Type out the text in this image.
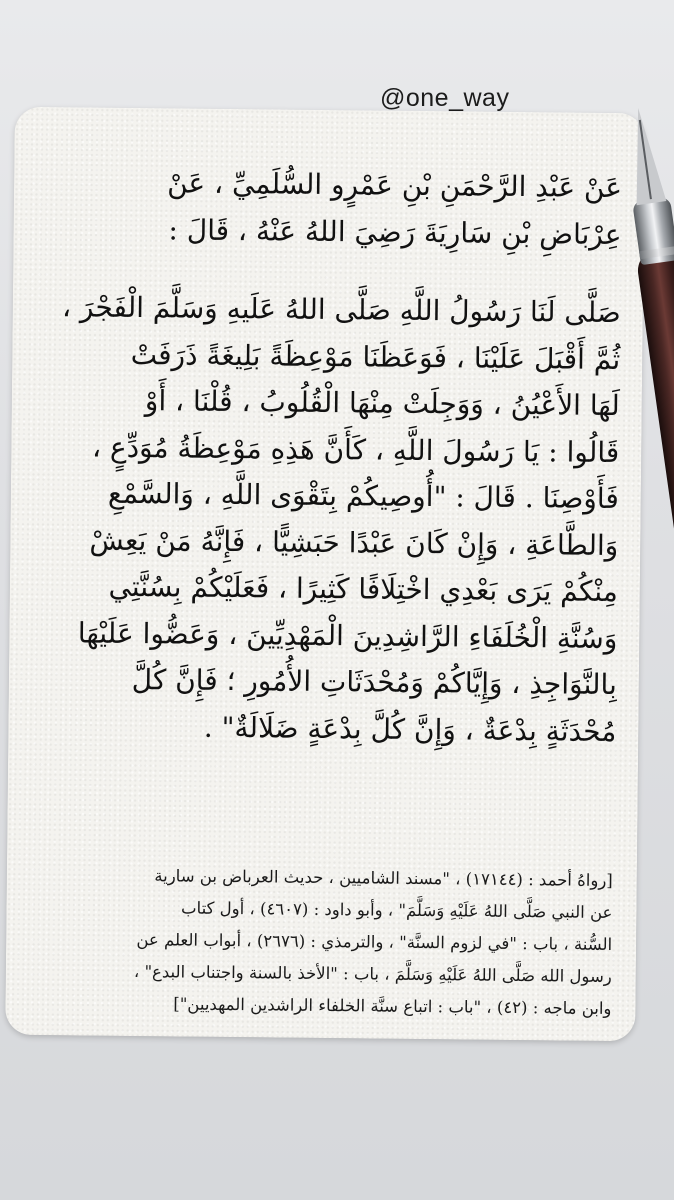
@one_way

عَنْ عَبْدِ الرَّحْمَنِ بْنِ عَمْرٍو السُّلَمِيِّ ، عَنْ

عِرْبَاضِ بْنِ سَارِيَةَ رَضِيَ اللهُ عَنْهُ ، قَالَ :

صَلَّى لَنَا رَسُولُ اللَّهِ صَلَّى اللهُ عَلَيهِ وَسَلَّمَ الْفَجْرَ ،

ثُمَّ أَقْبَلَ عَلَيْنَا ، فَوَعَظَنَا مَوْعِظَةً بَلِيغَةً ذَرَفَتْ

لَهَا الأَعْيُنُ ، وَوَجِلَتْ مِنْهَا الْقُلُوبُ ، قُلْنَا ، أَوْ

قَالُوا : يَا رَسُولَ اللَّهِ ، كَأَنَّ هَذِهِ مَوْعِظَةُ مُوَدِّعٍ ،

فَأَوْصِنَا . قَالَ : "أُوصِيكُمْ بِتَقْوَى اللَّهِ ، وَالسَّمْعِ

وَالطَّاعَةِ ، وَإِنْ كَانَ عَبْدًا حَبَشِيًّا ، فَإِنَّهُ مَنْ يَعِشْ

مِنْكُمْ يَرَى بَعْدِي اخْتِلَافًا كَثِيرًا ، فَعَلَيْكُمْ بِسُنَّتِي

وَسُنَّةِ الْخُلَفَاءِ الرَّاشِدِينَ الْمَهْدِيِّينَ ، وَعَضُّوا عَلَيْهَا

بِالنَّوَاجِذِ ، وَإِيَّاكُمْ وَمُحْدَثَاتِ الأُمُورِ ؛ فَإِنَّ كُلَّ

مُحْدَثَةٍ بِدْعَةٌ ، وَإِنَّ كُلَّ بِدْعَةٍ ضَلَالَةٌ" .

[رواهُ أحمد : (١٧١٤٤) ، "مسند الشاميين ، حديث العرباض بن سارية

عن النبي صَلَّى اللهُ عَلَيْهِ وَسَلَّمَ" ، وأبو داود : (٤٦٠٧) ، أول كتاب

السُّنة ، باب : "في لزوم السنَّة" ، والترمذي : (٢٦٧٦) ، أبواب العلم عن

رسول الله صَلَّى اللهُ عَلَيْهِ وَسَلَّمَ ، باب : "الأخذ بالسنة واجتناب البدع" ،

وابن ماجه : (٤٢) ، "باب : اتباع سنَّة الخلفاء الراشدين المهديين"]
